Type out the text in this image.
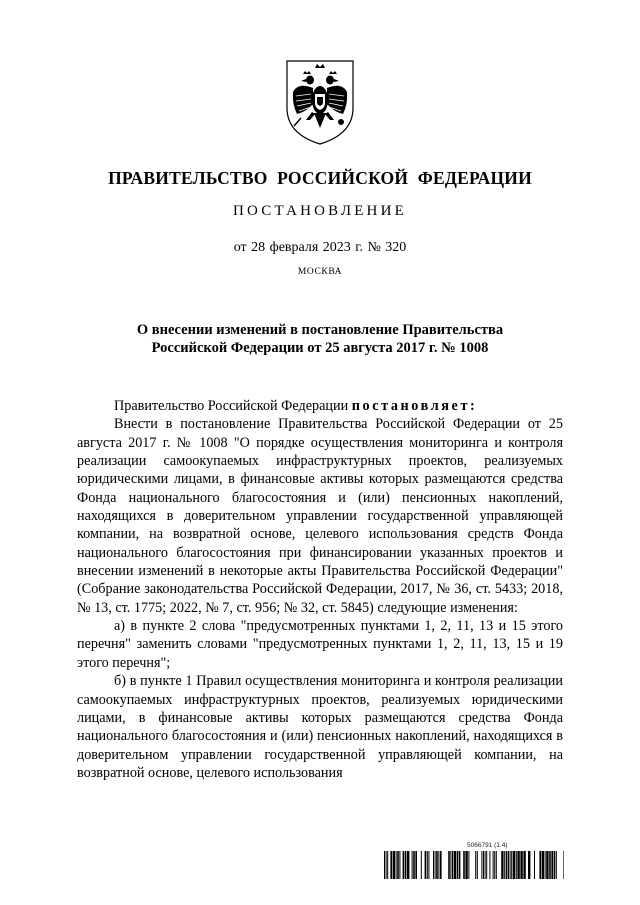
ПРАВИТЕЛЬСТВО РОССИЙСКОЙ ФЕДЕРАЦИИ
ПОСТАНОВЛЕНИЕ
от 28 февраля 2023 г. № 320
МОСКВА
О внесении изменений в постановление Правительства
Российской Федерации от 25 августа 2017 г. № 1008

Правительство Российской Федерации постановляет:

Внести в постановление Правительства Российской Федерации от 25 августа 2017 г. № 1008 "О порядке осуществления мониторинга и контроля реализации самоокупаемых инфраструктурных проектов, реализуемых юридическими лицами, в финансовые активы которых размещаются средства Фонда национального благосостояния и (или) пенсионных накоплений, находящихся в доверительном управлении государственной управляющей компании, на возвратной основе, целевого использования средств Фонда национального благосостояния при финансировании указанных проектов и внесении изменений в некоторые акты Правительства Российской Федерации" (Собрание законодательства Российской Федерации, 2017, № 36, ст. 5433; 2018, № 13, ст. 1775; 2022, № 7, ст. 956; № 32, ст. 5845) следующие изменения:

а) в пункте 2 слова "предусмотренных пунктами 1, 2, 11, 13 и 15 этого перечня" заменить словами "предусмотренных пунктами 1, 2, 11, 13, 15 и 19 этого перечня";

б) в пункте 1 Правил осуществления мониторинга и контроля реализации самоокупаемых инфраструктурных проектов, реализуемых юридическими лицами, в финансовые активы которых размещаются средства Фонда национального благосостояния и (или) пенсионных накоплений, находящихся в доверительном управлении государственной управляющей компании, на возвратной основе, целевого использования

5066791 (1.4)
